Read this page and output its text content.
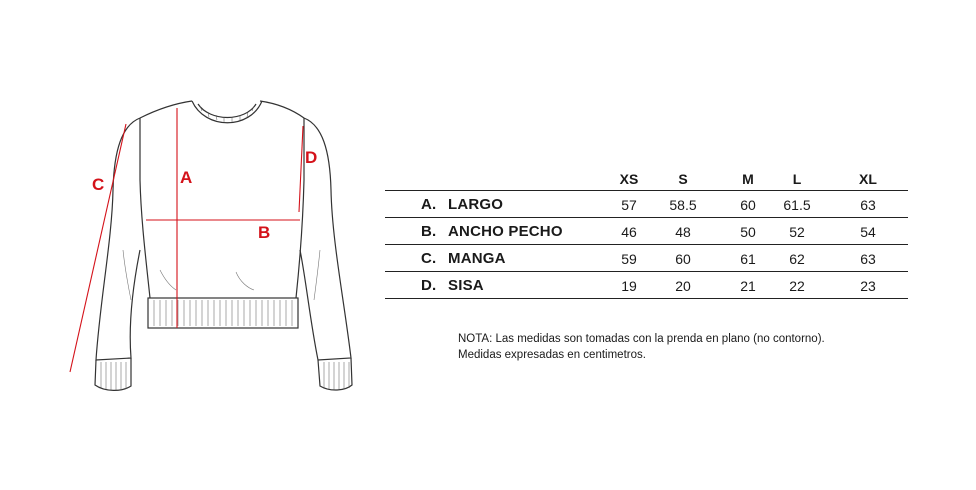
A
B
C
D
XS	S	M	L	XL
A. LARGO	57	58.5	60	61.5	63
B. ANCHO PECHO	46	48	50	52	54
C. MANGA	59	60	61	62	63
D. SISA	19	20	21	22	23
NOTA: Las medidas son tomadas con la prenda en plano (no contorno).
Medidas expresadas en centimetros.
